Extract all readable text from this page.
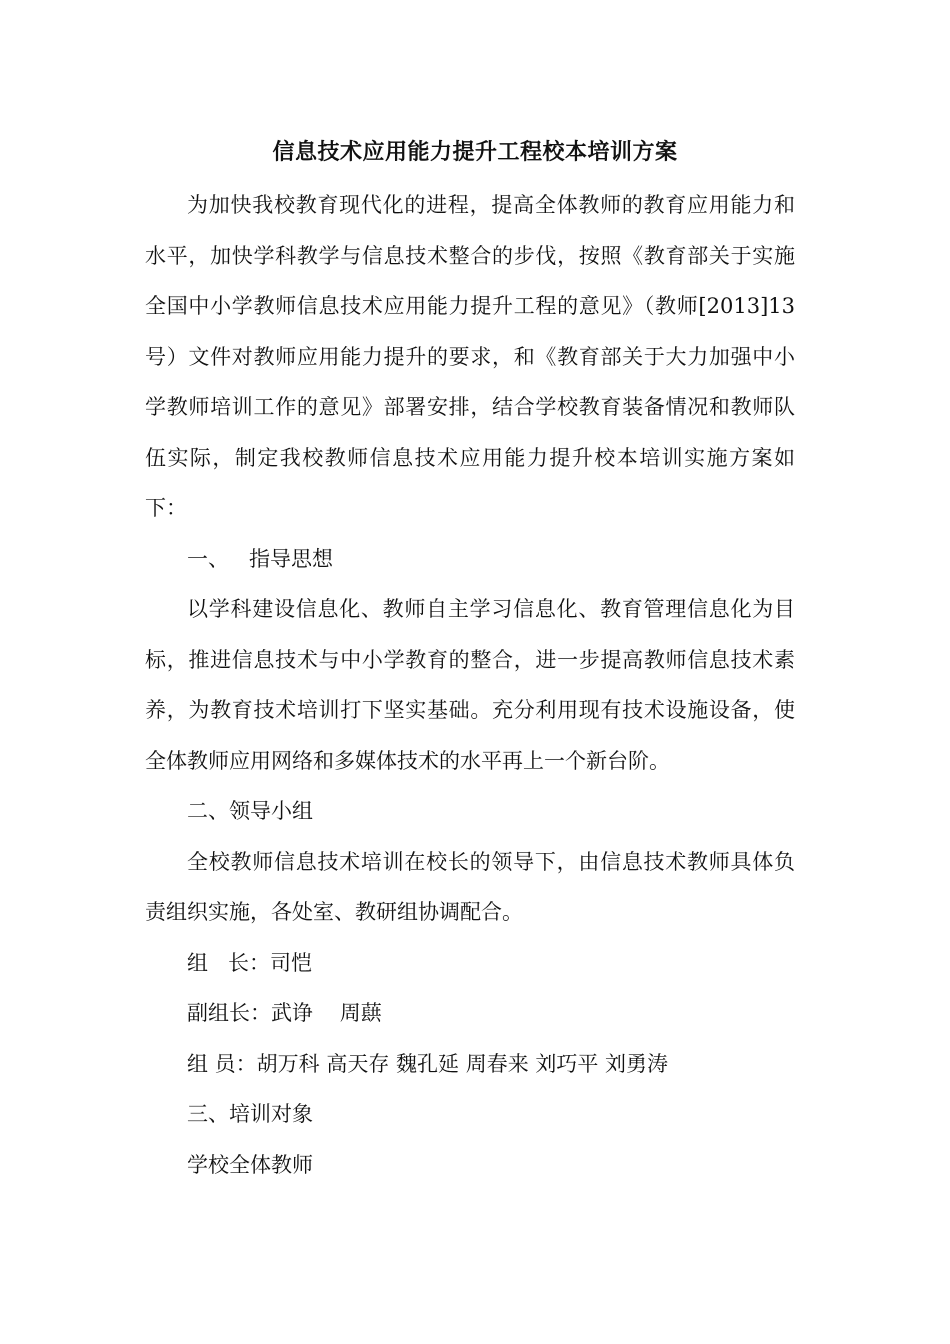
信息技术应用能力提升工程校本培训方案

为加快我校教育现代化的进程，提高全体教师的教育应用能力和水平，加快学科教学与信息技术整合的步伐，按照《教育部关于实施全国中小学教师信息技术应用能力提升工程的意见》（教师[2013]13号）文件对教师应用能力提升的要求，和《教育部关于大力加强中小学教师培训工作的意见》部署安排，结合学校教育装备情况和教师队伍实际，制定我校教师信息技术应用能力提升校本培训实施方案如下：

一、   指导思想

以学科建设信息化、教师自主学习信息化、教育管理信息化为目标，推进信息技术与中小学教育的整合，进一步提高教师信息技术素养，为教育技术培训打下坚实基础。充分利用现有技术设施设备，使全体教师应用网络和多媒体技术的水平再上一个新台阶。

二、领导小组

全校教师信息技术培训在校长的领导下，由信息技术教师具体负责组织实施，各处室、教研组协调配合。

组   长：司恺

副组长：武诤    周蕻

组 员：胡万科 高天存 魏孔延 周春来 刘巧平 刘勇涛

三、培训对象

学校全体教师
